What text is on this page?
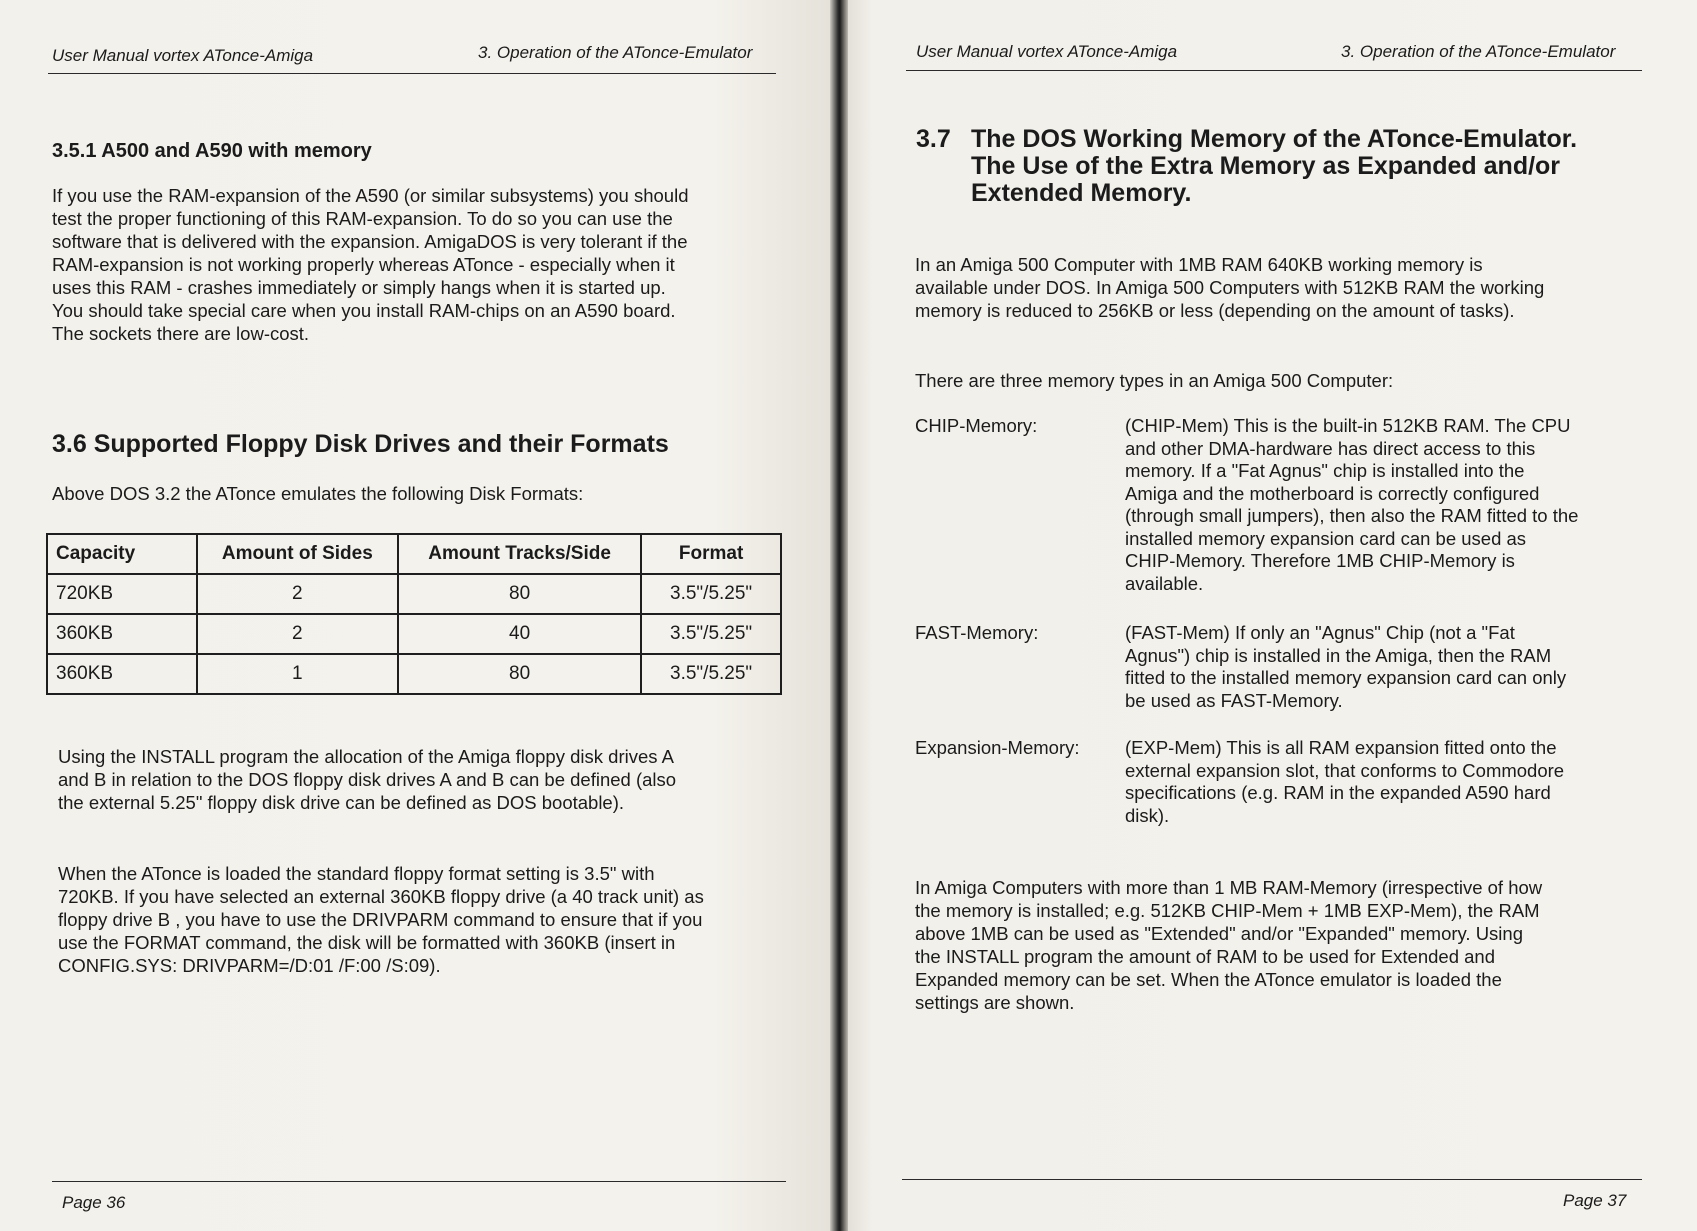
User Manual vortex ATonce-Amiga	3. Operation of the ATonce-Emulator
3.5.1 A500 and A590 with memory
If you use the RAM-expansion of the A590 (or similar subsystems) you should
test the proper functioning of this RAM-expansion. To do so you can use the
software that is delivered with the expansion. AmigaDOS is very tolerant if the
RAM-expansion is not working properly whereas ATonce - especially when it
uses this RAM - crashes immediately or simply hangs when it is started up.
You should take special care when you install RAM-chips on an A590 board.
The sockets there are low-cost.
3.6 Supported Floppy Disk Drives and their Formats
Above DOS 3.2 the ATonce emulates the following Disk Formats:
Capacity	Amount of Sides	Amount Tracks/Side	Format
720KB	2	80	3.5"/5.25"
360KB	2	40	3.5"/5.25"
360KB	1	80	3.5"/5.25"
Using the INSTALL program the allocation of the Amiga floppy disk drives A
and B in relation to the DOS floppy disk drives A and B can be defined (also
the external 5.25" floppy disk drive can be defined as DOS bootable).
When the ATonce is loaded the standard floppy format setting is 3.5" with
720KB. If you have selected an external 360KB floppy drive (a 40 track unit) as
floppy drive B , you have to use the DRIVPARM command to ensure that if you
use the FORMAT command, the disk will be formatted with 360KB (insert in
CONFIG.SYS: DRIVPARM=/D:01 /F:00 /S:09).
Page 36
User Manual vortex ATonce-Amiga	3. Operation of the ATonce-Emulator
3.7 The DOS Working Memory of the ATonce-Emulator.
The Use of the Extra Memory as Expanded and/or
Extended Memory.
In an Amiga 500 Computer with 1MB RAM 640KB working memory is
available under DOS. In Amiga 500 Computers with 512KB RAM the working
memory is reduced to 256KB or less (depending on the amount of tasks).
There are three memory types in an Amiga 500 Computer:
CHIP-Memory:	(CHIP-Mem) This is the built-in 512KB RAM. The CPU
and other DMA-hardware has direct access to this
memory. If a "Fat Agnus" chip is installed into the
Amiga and the motherboard is correctly configured
(through small jumpers), then also the RAM fitted to the
installed memory expansion card can be used as
CHIP-Memory. Therefore 1MB CHIP-Memory is
available.
FAST-Memory:	(FAST-Mem) If only an "Agnus" Chip (not a "Fat
Agnus") chip is installed in the Amiga, then the RAM
fitted to the installed memory expansion card can only
be used as FAST-Memory.
Expansion-Memory: (EXP-Mem) This is all RAM expansion fitted onto the
external expansion slot, that conforms to Commodore
specifications (e.g. RAM in the expanded A590 hard
disk).
In Amiga Computers with more than 1 MB RAM-Memory (irrespective of how
the memory is installed; e.g. 512KB CHIP-Mem + 1MB EXP-Mem), the RAM
above 1MB can be used as "Extended" and/or "Expanded" memory. Using
the INSTALL program the amount of RAM to be used for Extended and
Expanded memory can be set. When the ATonce emulator is loaded the
settings are shown.
Page 37
